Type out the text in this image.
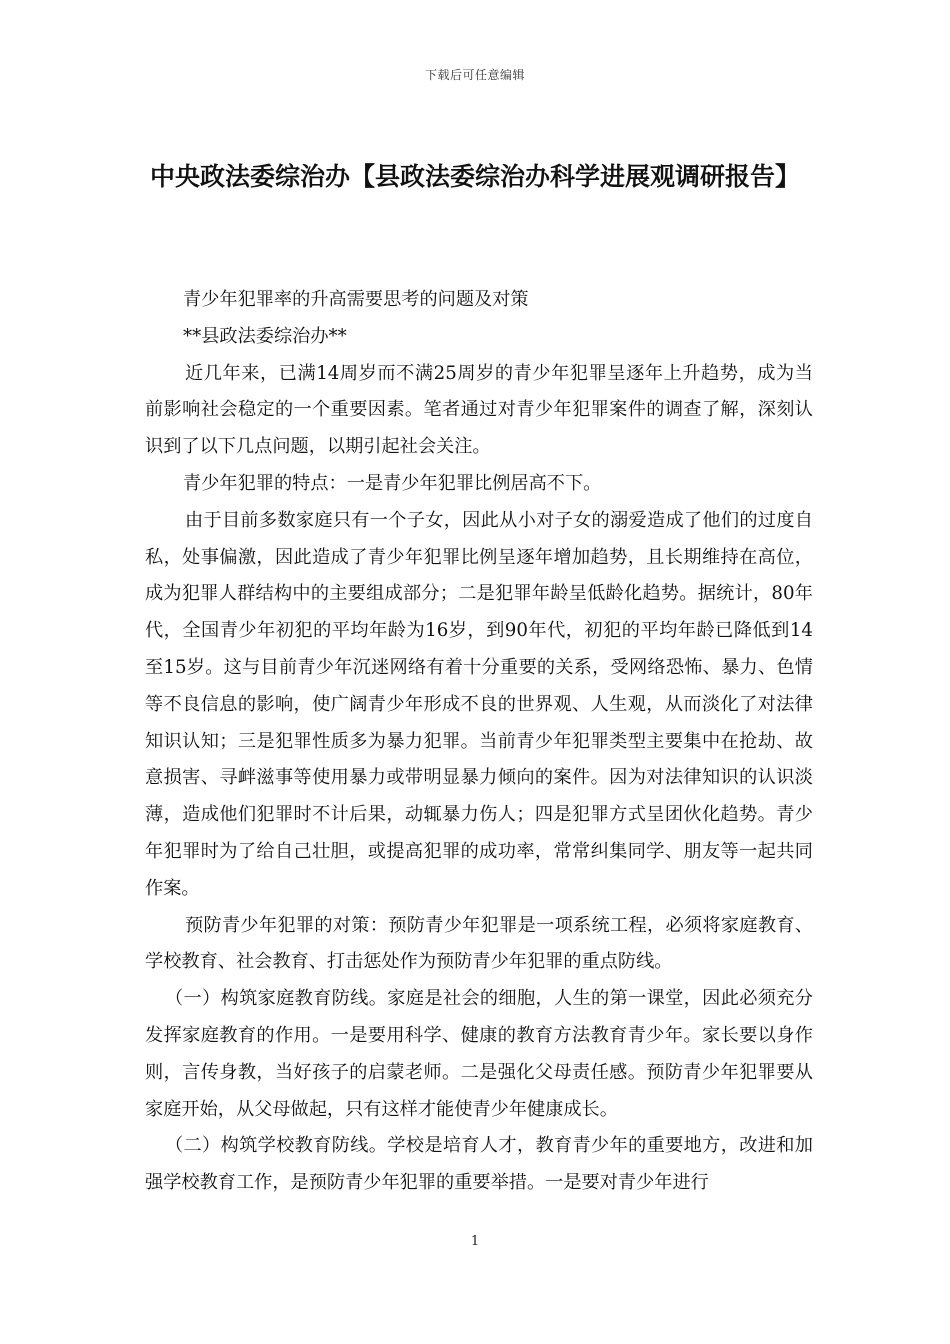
下载后可任意编辑
中央政法委综治办【县政法委综治办科学进展观调研报告】

青少年犯罪率的升高需要思考的问题及对策

**县政法委综治办**

近几年来，已满14周岁而不满25周岁的青少年犯罪呈逐年上升趋势，成为当前影响社会稳定的一个重要因素。笔者通过对青少年犯罪案件的调查了解，深刻认识到了以下几点问题，以期引起社会关注。

青少年犯罪的特点：一是青少年犯罪比例居高不下。

由于目前多数家庭只有一个子女，因此从小对子女的溺爱造成了他们的过度自私，处事偏激，因此造成了青少年犯罪比例呈逐年增加趋势，且长期维持在高位，成为犯罪人群结构中的主要组成部分；二是犯罪年龄呈低龄化趋势。据统计，80年代，全国青少年初犯的平均年龄为16岁，到90年代，初犯的平均年龄已降低到14至15岁。这与目前青少年沉迷网络有着十分重要的关系，受网络恐怖、暴力、色情等不良信息的影响，使广阔青少年形成不良的世界观、人生观，从而淡化了对法律知识认知；三是犯罪性质多为暴力犯罪。当前青少年犯罪类型主要集中在抢劫、故意损害、寻衅滋事等使用暴力或带明显暴力倾向的案件。因为对法律知识的认识淡薄，造成他们犯罪时不计后果，动辄暴力伤人；四是犯罪方式呈团伙化趋势。青少年犯罪时为了给自己壮胆，或提高犯罪的成功率，常常纠集同学、朋友等一起共同作案。

预防青少年犯罪的对策：预防青少年犯罪是一项系统工程，必须将家庭教育、学校教育、社会教育、打击惩处作为预防青少年犯罪的重点防线。

（一）构筑家庭教育防线。家庭是社会的细胞，人生的第一课堂，因此必须充分发挥家庭教育的作用。一是要用科学、健康的教育方法教育青少年。家长要以身作则，言传身教，当好孩子的启蒙老师。二是强化父母责任感。预防青少年犯罪要从家庭开始，从父母做起，只有这样才能使青少年健康成长。

（二）构筑学校教育防线。学校是培育人才，教育青少年的重要地方，改进和加强学校教育工作，是预防青少年犯罪的重要举措。一是要对青少年进行

1
